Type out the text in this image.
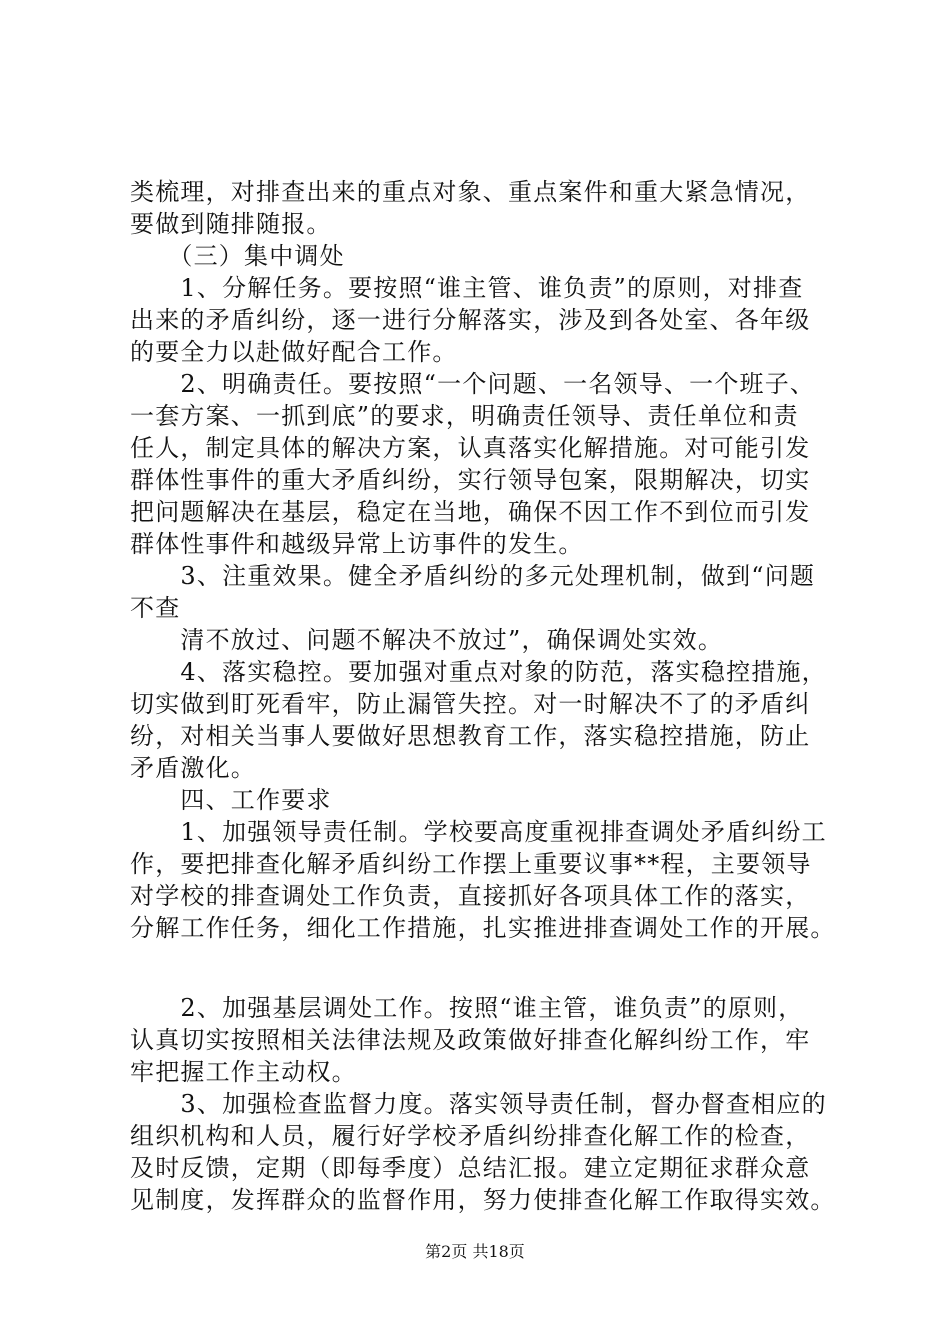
类梳理，对排查出来的重点对象、重点案件和重大紧急情况，
要做到随排随报。
　　（三）集中调处
　　1、分解任务。要按照“谁主管、谁负责”的原则，对排查
出来的矛盾纠纷，逐一进行分解落实，涉及到各处室、各年级
的要全力以赴做好配合工作。
　　2、明确责任。要按照“一个问题、一名领导、一个班子、
一套方案、一抓到底”的要求，明确责任领导、责任单位和责
任人，制定具体的解决方案，认真落实化解措施。对可能引发
群体性事件的重大矛盾纠纷，实行领导包案，限期解决，切实
把问题解决在基层，稳定在当地，确保不因工作不到位而引发
群体性事件和越级异常上访事件的发生。
　　3、注重效果。健全矛盾纠纷的多元处理机制，做到“问题
不查
　　清不放过、问题不解决不放过”，确保调处实效。
　　4、落实稳控。要加强对重点对象的防范，落实稳控措施，
切实做到盯死看牢，防止漏管失控。对一时解决不了的矛盾纠
纷，对相关当事人要做好思想教育工作，落实稳控措施，防止
矛盾激化。
　　四、工作要求
　　1、加强领导责任制。学校要高度重视排查调处矛盾纠纷工
作，要把排查化解矛盾纠纷工作摆上重要议事**程，主要领导
对学校的排查调处工作负责，直接抓好各项具体工作的落实，
分解工作任务，细化工作措施，扎实推进排查调处工作的开展。
　　2、加强基层调处工作。按照“谁主管，谁负责”的原则，
认真切实按照相关法律法规及政策做好排查化解纠纷工作，牢
牢把握工作主动权。
　　3、加强检查监督力度。落实领导责任制，督办督查相应的
组织机构和人员，履行好学校矛盾纠纷排查化解工作的检查，
及时反馈，定期（即每季度）总结汇报。建立定期征求群众意
见制度，发挥群众的监督作用，努力使排查化解工作取得实效。
第2页 共18页
